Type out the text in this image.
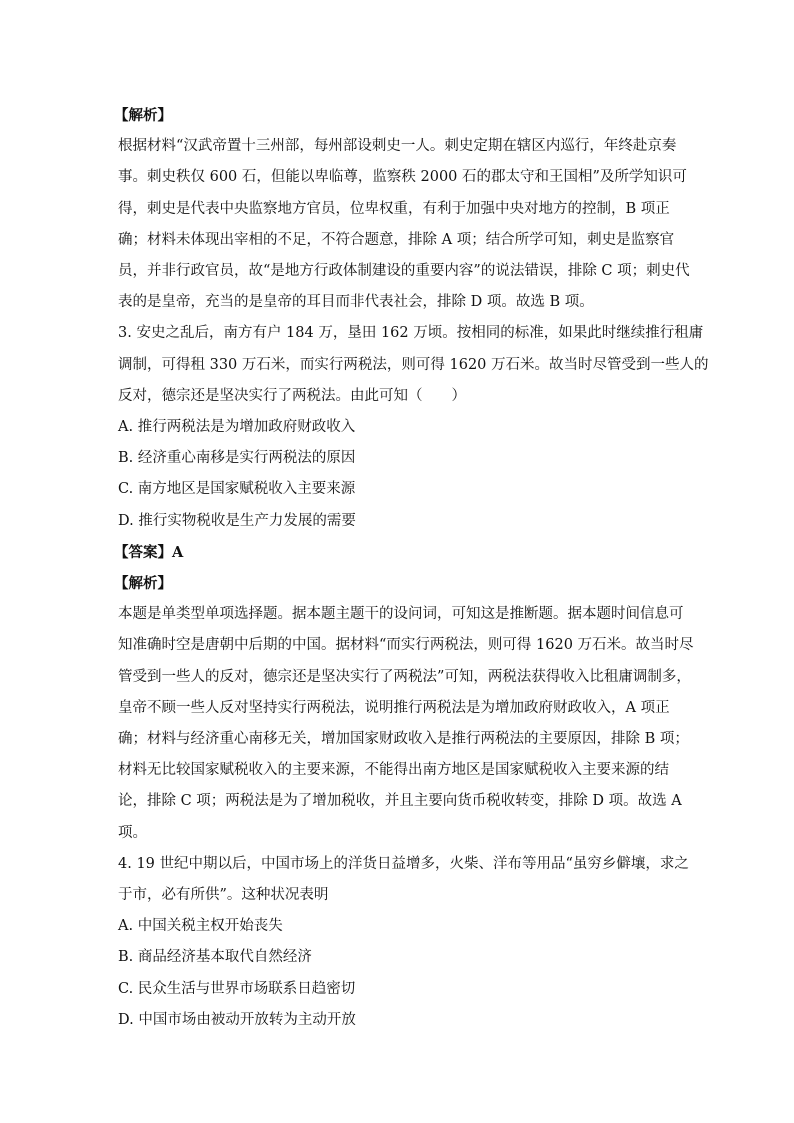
【解析】

根据材料“汉武帝置十三州部，每州部设刺史一人。刺史定期在辖区内巡行，年终赴京奏

事。刺史秩仅 600 石，但能以卑临尊，监察秩 2000 石的郡太守和王国相”及所学知识可

得，刺史是代表中央监察地方官员，位卑权重，有利于加强中央对地方的控制，B 项正

确；材料未体现出宰相的不足，不符合题意，排除 A 项；结合所学可知，刺史是监察官

员，并非行政官员，故“是地方行政体制建设的重要内容”的说法错误，排除 C 项；刺史代

表的是皇帝，充当的是皇帝的耳目而非代表社会，排除 D 项。故选 B 项。

3. 安史之乱后，南方有户 184 万，垦田 162 万顷。按相同的标准，如果此时继续推行租庸

调制，可得租 330 万石米，而实行两税法，则可得 1620 万石米。故当时尽管受到一些人的

反对，德宗还是坚决实行了两税法。由此可知（　　）

A. 推行两税法是为增加政府财政收入

B. 经济重心南移是实行两税法的原因

C. 南方地区是国家赋税收入主要来源

D. 推行实物税收是生产力发展的需要

【答案】A

【解析】

本题是单类型单项选择题。据本题主题干的设问词，可知这是推断题。据本题时间信息可

知准确时空是唐朝中后期的中国。据材料“而实行两税法，则可得 1620 万石米。故当时尽

管受到一些人的反对，德宗还是坚决实行了两税法”可知，两税法获得收入比租庸调制多，

皇帝不顾一些人反对坚持实行两税法，说明推行两税法是为增加政府财政收入，A 项正

确；材料与经济重心南移无关，增加国家财政收入是推行两税法的主要原因，排除 B 项；

材料无比较国家赋税收入的主要来源，不能得出南方地区是国家赋税收入主要来源的结

论，排除 C 项；两税法是为了增加税收，并且主要向货币税收转变，排除 D 项。故选 A

项。

4. 19 世纪中期以后，中国市场上的洋货日益增多，火柴、洋布等用品“虽穷乡僻壤，求之

于市，必有所供”。这种状况表明

A. 中国关税主权开始丧失

B. 商品经济基本取代自然经济

C. 民众生活与世界市场联系日趋密切

D. 中国市场由被动开放转为主动开放
